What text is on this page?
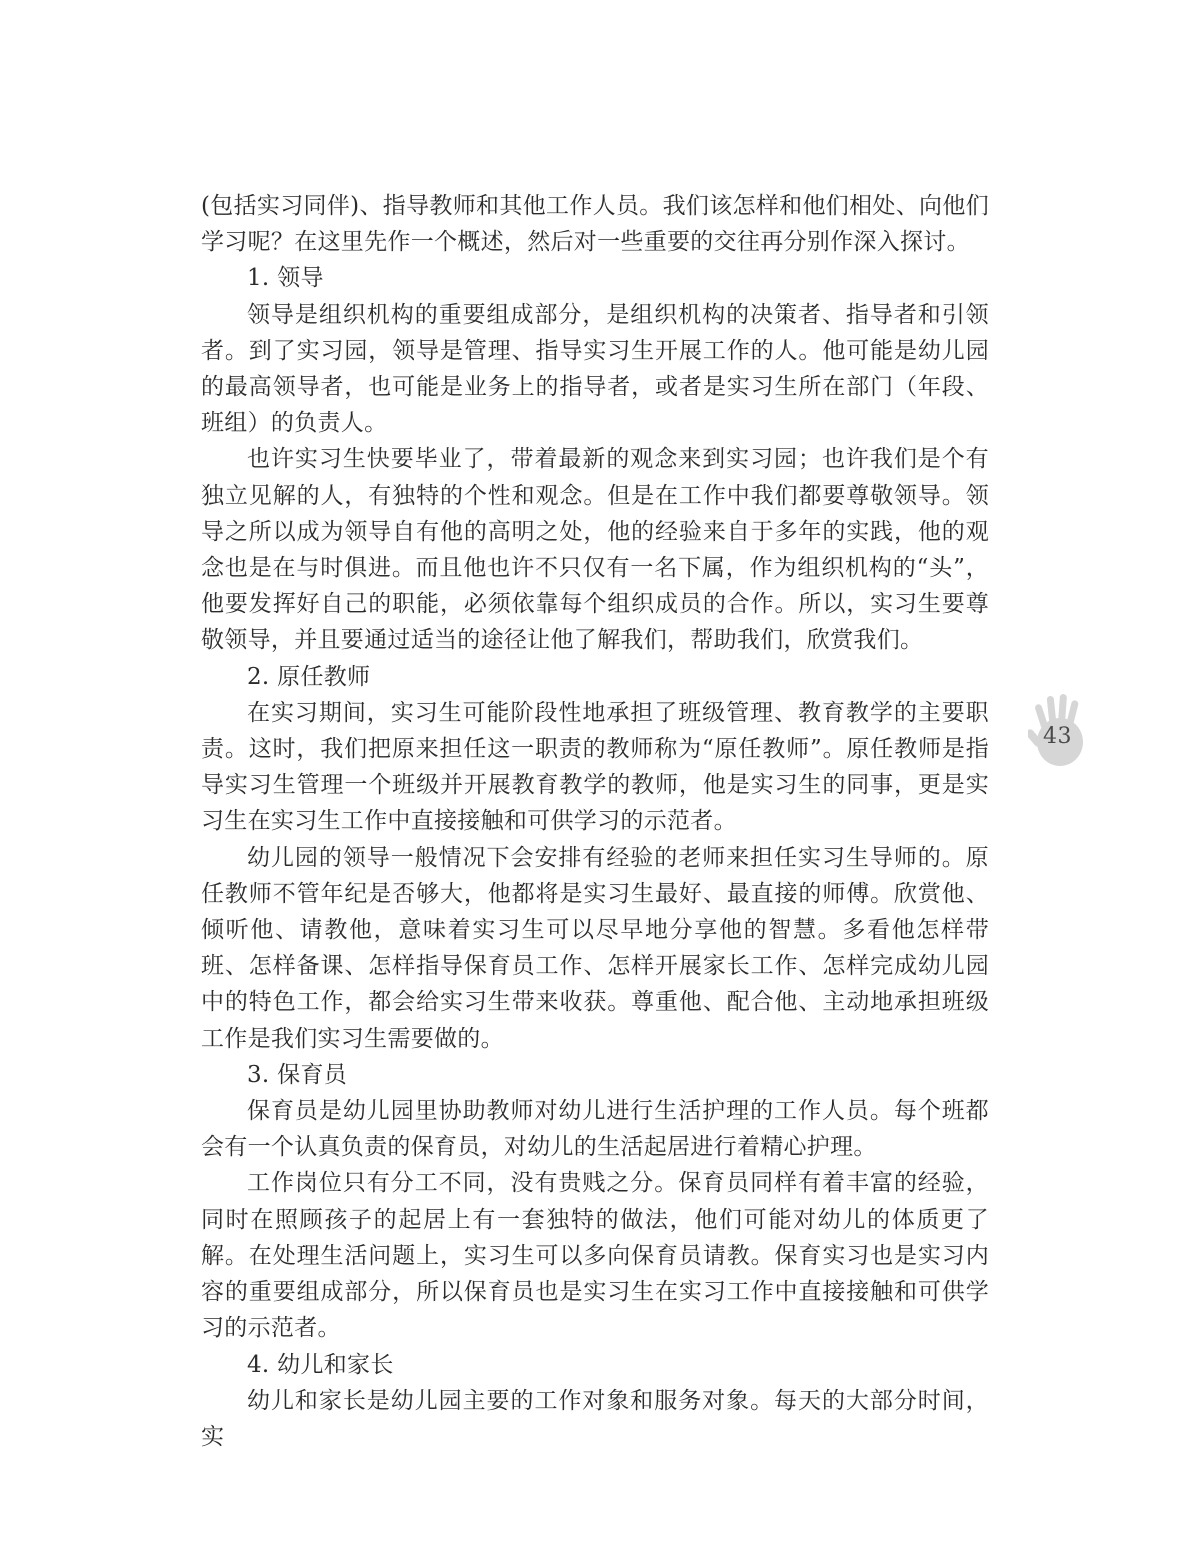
(包括实习同伴)、指导教师和其他工作人员。我们该怎样和他们相处、向他们学习呢？在这里先作一个概述，然后对一些重要的交往再分别作深入探讨。

1. 领导

领导是组织机构的重要组成部分，是组织机构的决策者、指导者和引领者。到了实习园，领导是管理、指导实习生开展工作的人。他可能是幼儿园的最高领导者，也可能是业务上的指导者，或者是实习生所在部门（年段、班组）的负责人。

也许实习生快要毕业了，带着最新的观念来到实习园；也许我们是个有独立见解的人，有独特的个性和观念。但是在工作中我们都要尊敬领导。领导之所以成为领导自有他的高明之处，他的经验来自于多年的实践，他的观念也是在与时俱进。而且他也许不只仅有一名下属，作为组织机构的“头”，他要发挥好自己的职能，必须依靠每个组织成员的合作。所以，实习生要尊敬领导，并且要通过适当的途径让他了解我们，帮助我们，欣赏我们。

2. 原任教师

在实习期间，实习生可能阶段性地承担了班级管理、教育教学的主要职责。这时，我们把原来担任这一职责的教师称为“原任教师”。原任教师是指导实习生管理一个班级并开展教育教学的教师，他是实习生的同事，更是实习生在实习生工作中直接接触和可供学习的示范者。

幼儿园的领导一般情况下会安排有经验的老师来担任实习生导师的。原任教师不管年纪是否够大，他都将是实习生最好、最直接的师傅。欣赏他、倾听他、请教他，意味着实习生可以尽早地分享他的智慧。多看他怎样带班、怎样备课、怎样指导保育员工作、怎样开展家长工作、怎样完成幼儿园中的特色工作，都会给实习生带来收获。尊重他、配合他、主动地承担班级工作是我们实习生需要做的。

3. 保育员

保育员是幼儿园里协助教师对幼儿进行生活护理的工作人员。每个班都会有一个认真负责的保育员，对幼儿的生活起居进行着精心护理。

工作岗位只有分工不同，没有贵贱之分。保育员同样有着丰富的经验，同时在照顾孩子的起居上有一套独特的做法，他们可能对幼儿的体质更了解。在处理生活问题上，实习生可以多向保育员请教。保育实习也是实习内容的重要组成部分，所以保育员也是实习生在实习工作中直接接触和可供学习的示范者。

4. 幼儿和家长

幼儿和家长是幼儿园主要的工作对象和服务对象。每天的大部分时间，实

43
